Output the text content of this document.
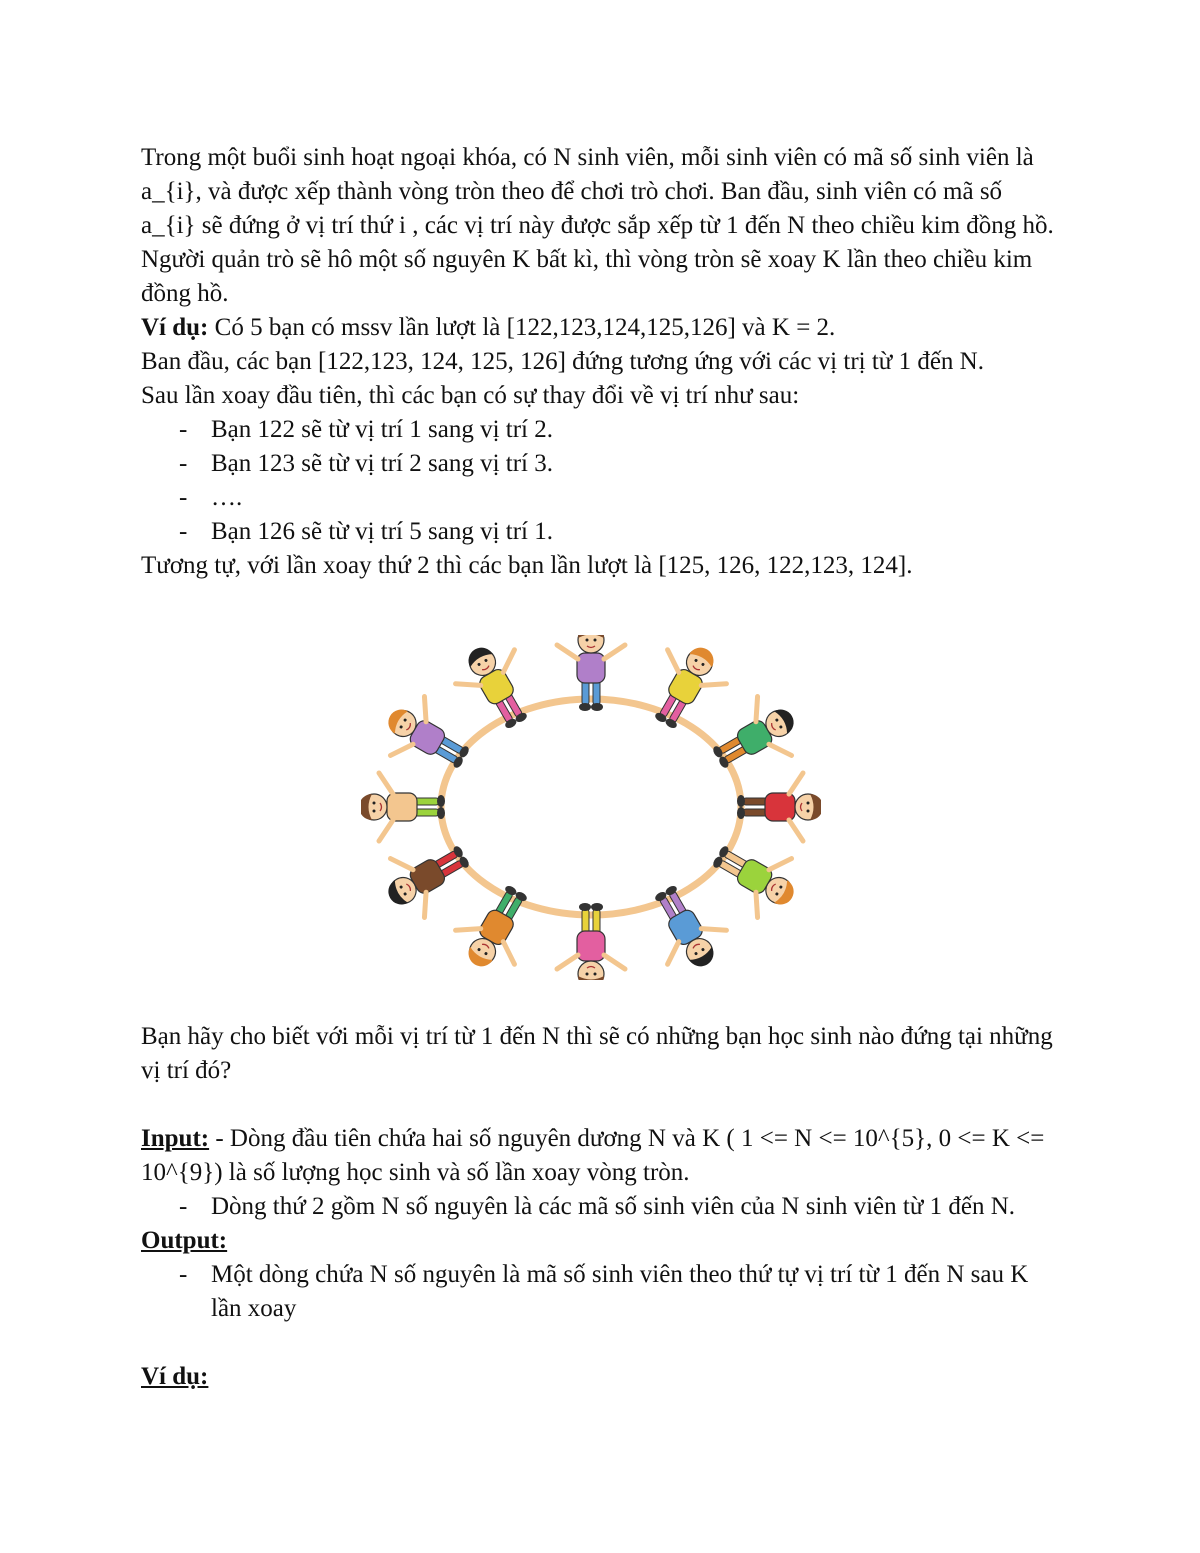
Trong một buổi sinh hoạt ngoại khóa, có N sinh viên, mỗi sinh viên có mã số sinh viên là a_{i}, và được xếp thành vòng tròn theo để chơi trò chơi. Ban đầu, sinh viên có mã số a_{i} sẽ đứng ở vị trí thứ i , các vị trí này được sắp xếp từ 1 đến N theo chiều kim đồng hồ. Người quản trò sẽ hô một số nguyên K bất kì, thì vòng tròn sẽ xoay K lần theo chiều kim đồng hồ.

Ví dụ: Có 5 bạn có mssv lần lượt là [122,123,124,125,126] và K = 2.

Ban đầu, các bạn [122,123, 124, 125, 126] đứng tương ứng với các vị trị từ 1 đến N.

Sau lần xoay đầu tiên, thì các bạn có sự thay đổi về vị trí như sau:

- Bạn 122 sẽ từ vị trí 1 sang vị trí 2.
- Bạn 123 sẽ từ vị trí 2 sang vị trí 3.
- ….
- Bạn 126 sẽ từ vị trí 5 sang vị trí 1.

Tương tự, với lần xoay thứ 2 thì các bạn lần lượt là [125, 126, 122,123, 124].

Bạn hãy cho biết với mỗi vị trí từ 1 đến N thì sẽ có những bạn học sinh nào đứng tại những vị trí đó?

Input: - Dòng đầu tiên chứa hai số nguyên dương N và K ( 1 <= N <= 10^{5}, 0 <= K <= 10^{9}) là số lượng học sinh và số lần xoay vòng tròn.

- Dòng thứ 2 gồm N số nguyên là các mã số sinh viên của N sinh viên từ 1 đến N.

Output:

- Một dòng chứa N số nguyên là mã số sinh viên theo thứ tự vị trí từ 1 đến N sau K lần xoay

Ví dụ:
